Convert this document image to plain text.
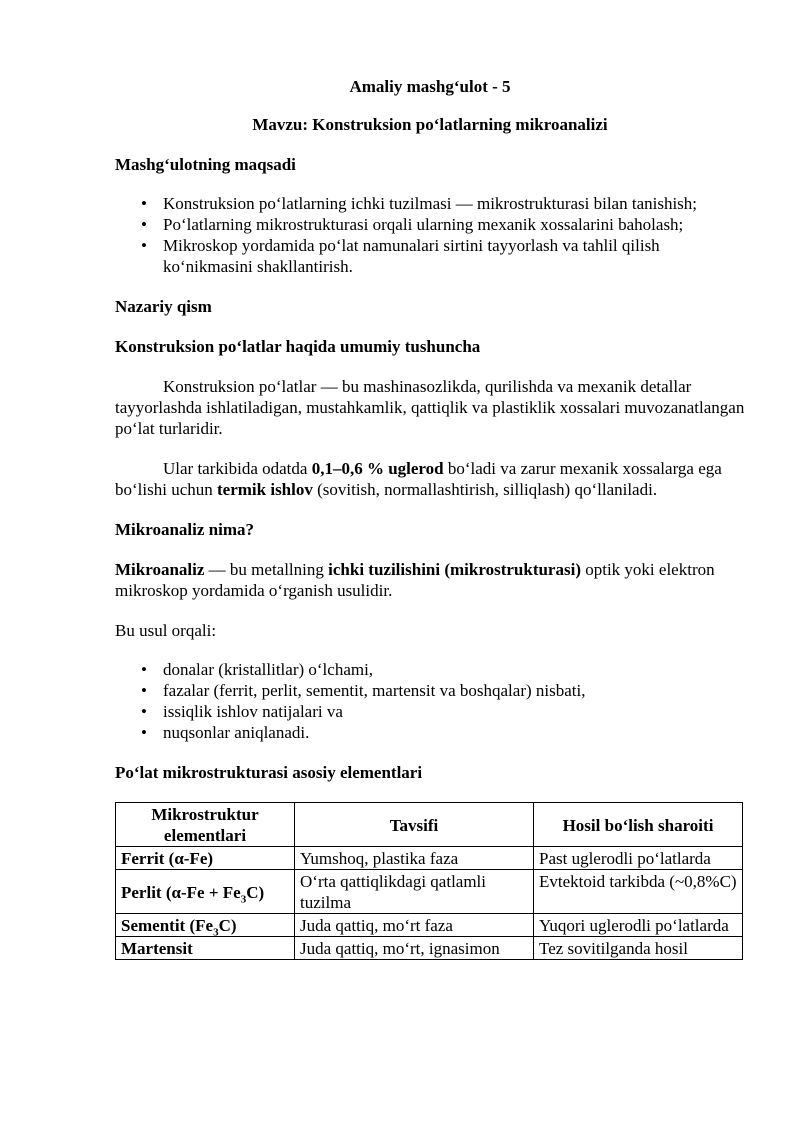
Amaliy mashg‘ulot - 5
Mavzu: Konstruksion po‘latlarning mikroanalizi
Mashg‘ulotning maqsadi
• Konstruksion po‘latlarning ichki tuzilmasi — mikrostrukturasi bilan tanishish;
• Po‘latlarning mikrostrukturasi orqali ularning mexanik xossalarini baholash;
• Mikroskop yordamida po‘lat namunalari sirtini tayyorlash va tahlil qilish ko‘nikmasini shakllantirish.
Nazariy qism
Konstruksion po‘latlar haqida umumiy tushuncha

Konstruksion po‘latlar — bu mashinasozlikda, qurilishda va mexanik detallar tayyorlashda ishlatiladigan, mustahkamlik, qattiqlik va plastiklik xossalari muvozanatlangan po‘lat turlaridir.

Ular tarkibida odatda 0,1–0,6 % uglerod bo‘ladi va zarur mexanik xossalarga ega bo‘lishi uchun termik ishlov (sovitish, normallashtirish, silliqlash) qo‘llaniladi.

Mikroanaliz nima?

Mikroanaliz — bu metallning ichki tuzilishini (mikrostrukturasi) optik yoki elektron mikroskop yordamida o‘rganish usulidir.

Bu usul orqali:

• donalar (kristallitlar) o‘lchami,
• fazalar (ferrit, perlit, sementit, martensit va boshqalar) nisbati,
• issiqlik ishlov natijalari va
• nuqsonlar aniqlanadi.
Po‘lat mikrostrukturasi asosiy elementlari
Mikrostruktur elementlari	Tavsifi	Hosil bo‘lish sharoiti
Ferrit (α-Fe)	Yumshoq, plastika faza	Past uglerodli po‘latlarda
Perlit $(\alpha-Fe + Fe_3C)$	O‘rta qattiqlikdagi qatlamli tuzilma	Evtektoid tarkibda (~0,8%C)
Sementit $(Fe_3C)$	Juda qattiq, mo‘rt faza	Yuqori uglerodli po‘latlarda
Martensit	Juda qattiq, mo‘rt, ignasimon	Tez sovitilganda hosil
